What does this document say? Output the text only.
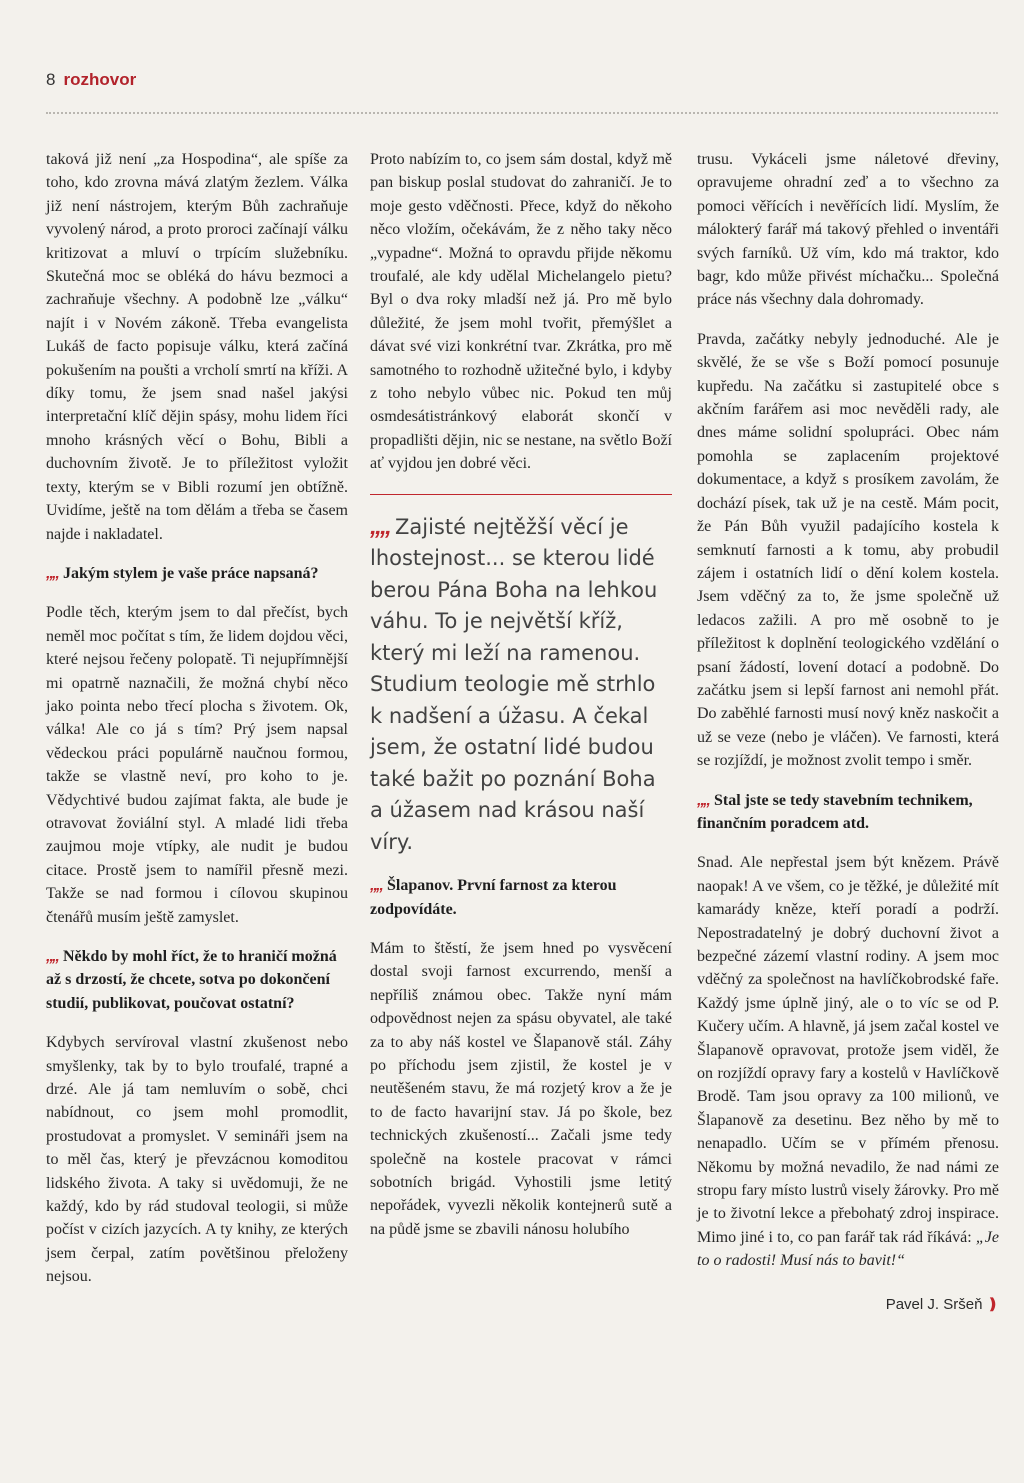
8 rozhovor

taková již není „za Hospodina“, ale spíše za toho, kdo zrovna mává zlatým žezlem. Válka již není nástrojem, kterým Bůh zachraňuje vyvolený národ, a proto proroci začínají válku kritizovat a mluví o trpícím služebníku. Skutečná moc se obléká do hávu bezmoci a zachraňuje všechny. A podobně lze „válku“ najít i v Novém zákoně. Třeba evangelista Lukáš de facto popisuje válku, která začíná pokušením na poušti a vrcholí smrtí na kříži. A díky tomu, že jsem snad našel jakýsi interpretační klíč dějin spásy, mohu lidem říci mnoho krásných věcí o Bohu, Bibli a duchovním životě. Je to příležitost vyložit texty, kterým se v Bibli rozumí jen obtížně. Uvidíme, ještě na tom dělám a třeba se časem najde i nakladatel.

„„ Jakým stylem je vaše práce napsaná?

Podle těch, kterým jsem to dal přečíst, bych neměl moc počítat s tím, že lidem dojdou věci, které nejsou řečeny polopatě. Ti nejupřímnější mi opatrně naznačili, že možná chybí něco jako pointa nebo třecí plocha s životem. Ok, válka! Ale co já s tím? Prý jsem napsal vědeckou práci populárně naučnou formou, takže se vlastně neví, pro koho to je. Vědychtivé budou zajímat fakta, ale bude je otravovat žoviální styl. A mladé lidi třeba zaujmou moje vtípky, ale nudit je budou citace. Prostě jsem to namířil přesně mezi. Takže se nad formou i cílovou skupinou čtenářů musím ještě zamyslet.

„„ Někdo by mohl říct, že to hraničí možná až s drzostí, že chcete, sotva po dokončení studií, publikovat, poučovat ostatní?

Kdybych servíroval vlastní zkušenost nebo smyšlenky, tak by to bylo troufalé, trapné a drzé. Ale já tam nemluvím o sobě, chci nabídnout, co jsem mohl promodlit, prostudovat a promyslet. V semináři jsem na to měl čas, který je převzácnou komoditou lidského života. A taky si uvědomuji, že ne každý, kdo by rád studoval teologii, si může počíst v cizích jazycích. A ty knihy, ze kterých jsem čerpal, zatím povětšinou přeloženy nejsou.

Proto nabízím to, co jsem sám dostal, když mě pan biskup poslal studovat do zahraničí. Je to moje gesto vděčnosti. Přece, když do někoho něco vložím, očekávám, že z něho taky něco „vypadne“. Možná to opravdu přijde někomu troufalé, ale kdy udělal Michelangelo pietu? Byl o dva roky mladší než já. Pro mě bylo důležité, že jsem mohl tvořit, přemýšlet a dávat své vizi konkrétní tvar. Zkrátka, pro mě samotného to rozhodně užitečné bylo, i kdyby z toho nebylo vůbec nic. Pokud ten můj osmdesátistránkový elaborát skončí v propadlišti dějin, nic se nestane, na světlo Boží ať vyjdou jen dobré věci.

„„ Zajisté nejtěžší věcí je lhostejnost... se kterou lidé berou Pána Boha na lehkou váhu. To je největší kříž, který mi leží na ramenou. Studium teologie mě strhlo k nadšení a úžasu. A čekal jsem, že ostatní lidé budou také bažit po poznání Boha a úžasem nad krásou naší víry.

„„ Šlapanov. První farnost za kterou zodpovídáte.

Mám to štěstí, že jsem hned po vysvěcení dostal svoji farnost excurrendo, menší a nepříliš známou obec. Takže nyní mám odpovědnost nejen za spásu obyvatel, ale také za to aby náš kostel ve Šlapanově stál. Záhy po příchodu jsem zjistil, že kostel je v neutěšeném stavu, že má rozjetý krov a že je to de facto havarijní stav. Já po škole, bez technických zkušeností... Začali jsme tedy společně na kostele pracovat v rámci sobotních brigád. Vyhostili jsme letitý nepořádek, vyvezli několik kontejnerů sutě a na půdě jsme se zbavili nánosu holubího

trusu. Vykáceli jsme náletové dřeviny, opravujeme ohradní zeď a to všechno za pomoci věřících i nevěřících lidí. Myslím, že málokterý farář má takový přehled o inventáři svých farníků. Už vím, kdo má traktor, kdo bagr, kdo může přivést míchačku... Společná práce nás všechny dala dohromady.

Pravda, začátky nebyly jednoduché. Ale je skvělé, že se vše s Boží pomocí posunuje kupředu. Na začátku si zastupitelé obce s akčním farářem asi moc nevěděli rady, ale dnes máme solidní spolupráci. Obec nám pomohla se zaplacením projektové dokumentace, a když s prosíkem zavolám, že dochází písek, tak už je na cestě. Mám pocit, že Pán Bůh využil padajícího kostela k semknutí farnosti a k tomu, aby probudil zájem i ostatních lidí o dění kolem kostela. Jsem vděčný za to, že jsme společně už ledacos zažili. A pro mě osobně to je příležitost k doplnění teologického vzdělání o psaní žádostí, lovení dotací a podobně. Do začátku jsem si lepší farnost ani nemohl přát. Do zaběhlé farnosti musí nový kněz naskočit a už se veze (nebo je vláčen). Ve farnosti, která se rozjíždí, je možnost zvolit tempo i směr.

„„ Stal jste se tedy stavebním technikem, finančním poradcem atd.

Snad. Ale nepřestal jsem být knězem. Právě naopak! A ve všem, co je těžké, je důležité mít kamarády kněze, kteří poradí a podrží. Nepostradatelný je dobrý duchovní život a bezpečné zázemí vlastní rodiny. A jsem moc vděčný za společnost na havlíčkobrodské faře. Každý jsme úplně jiný, ale o to víc se od P. Kučery učím. A hlavně, já jsem začal kostel ve Šlapanově opravovat, protože jsem viděl, že on rozjíždí opravy fary a kostelů v Havlíčkově Brodě. Tam jsou opravy za 100 milionů, ve Šlapanově za desetinu. Bez něho by mě to nenapadlo. Učím se v přímém přenosu. Někomu by možná nevadilo, že nad námi ze stropu fary místo lustrů visely žárovky. Pro mě je to životní lekce a přebohatý zdroj inspirace. Mimo jiné i to, co pan farář tak rád říkává: „Je to o radosti! Musí nás to bavit!“

Pavel J. Sršeň ❫
